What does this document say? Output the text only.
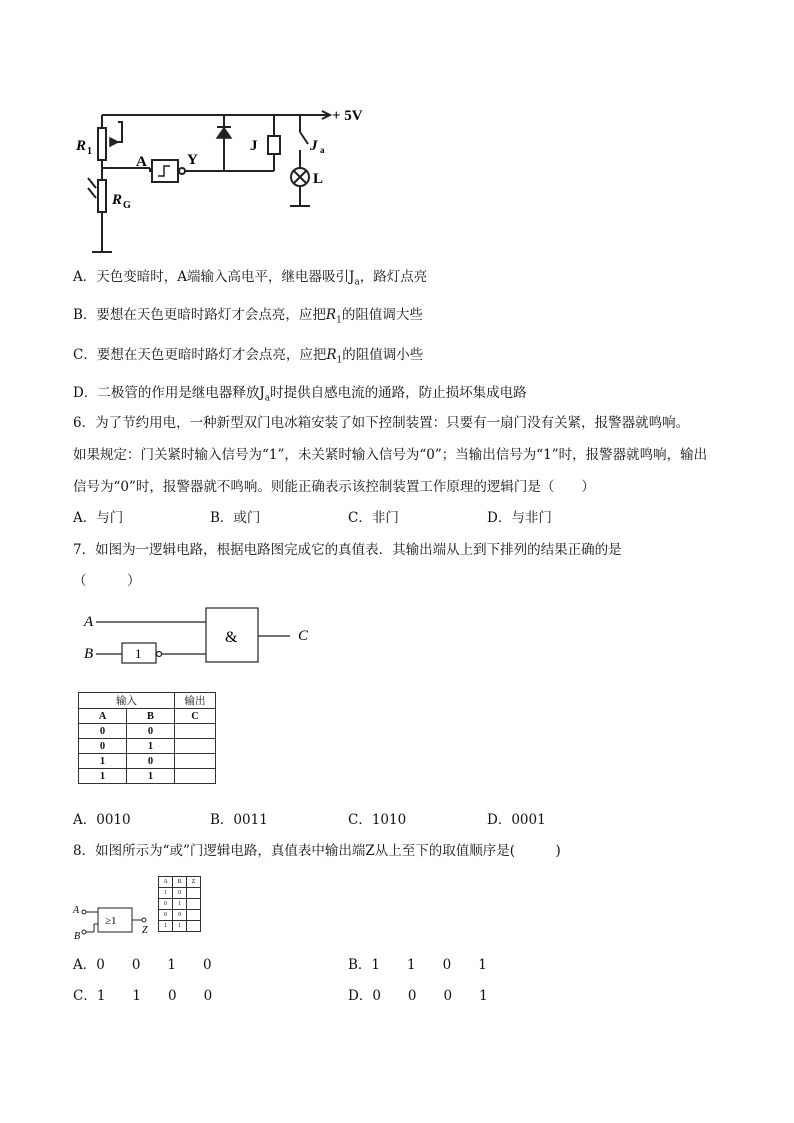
+ 5V
R 1
R G
A	Y
J	J a
L
A．天色变暗时，A端输入高电平，继电器吸引$J_a$，路灯点亮
B．要想在天色更暗时路灯才会点亮，应把$R_1$的阻值调大些
C．要想在天色更暗时路灯才会点亮，应把$R_1$的阻值调小些
D．二极管的作用是继电器释放$J_a$时提供自感电流的通路，防止损坏集成电路
6．为了节约用电，一种新型双门电冰箱安装了如下控制装置：只要有一扇门没有关紧，报警器就鸣响。
如果规定：门关紧时输入信号为“1”，未关紧时输入信号为“0”；当输出信号为“1”时，报警器就鸣响，输出
信号为“0”时，报警器就不鸣响。则能正确表示该控制装置工作原理的逻辑门是（　　）
A．与门	B．或门	C．非门	D．与非门
7．如图为一逻辑电路，根据电路图完成它的真值表．其输出端从上到下排列的结果正确的是
（　　　）
A
B
&
1
C
输入		输出
A	B	C
0	0	
0	1	
1	0	
1	1	
A．0010	B．0011	C．1010	D．0001
8．如图所示为“或”门逻辑电路，真值表中输出端Z从上至下的取值顺序是(　　　)
A
B
≥1
Z
A	B	Z
1	0	
0	1	
0	0	
1	1	
A．0　　0　　1　　0	B．1　　1　　0　　1
C．1　　1　　0　　0	D．0　　0　　0　　1
